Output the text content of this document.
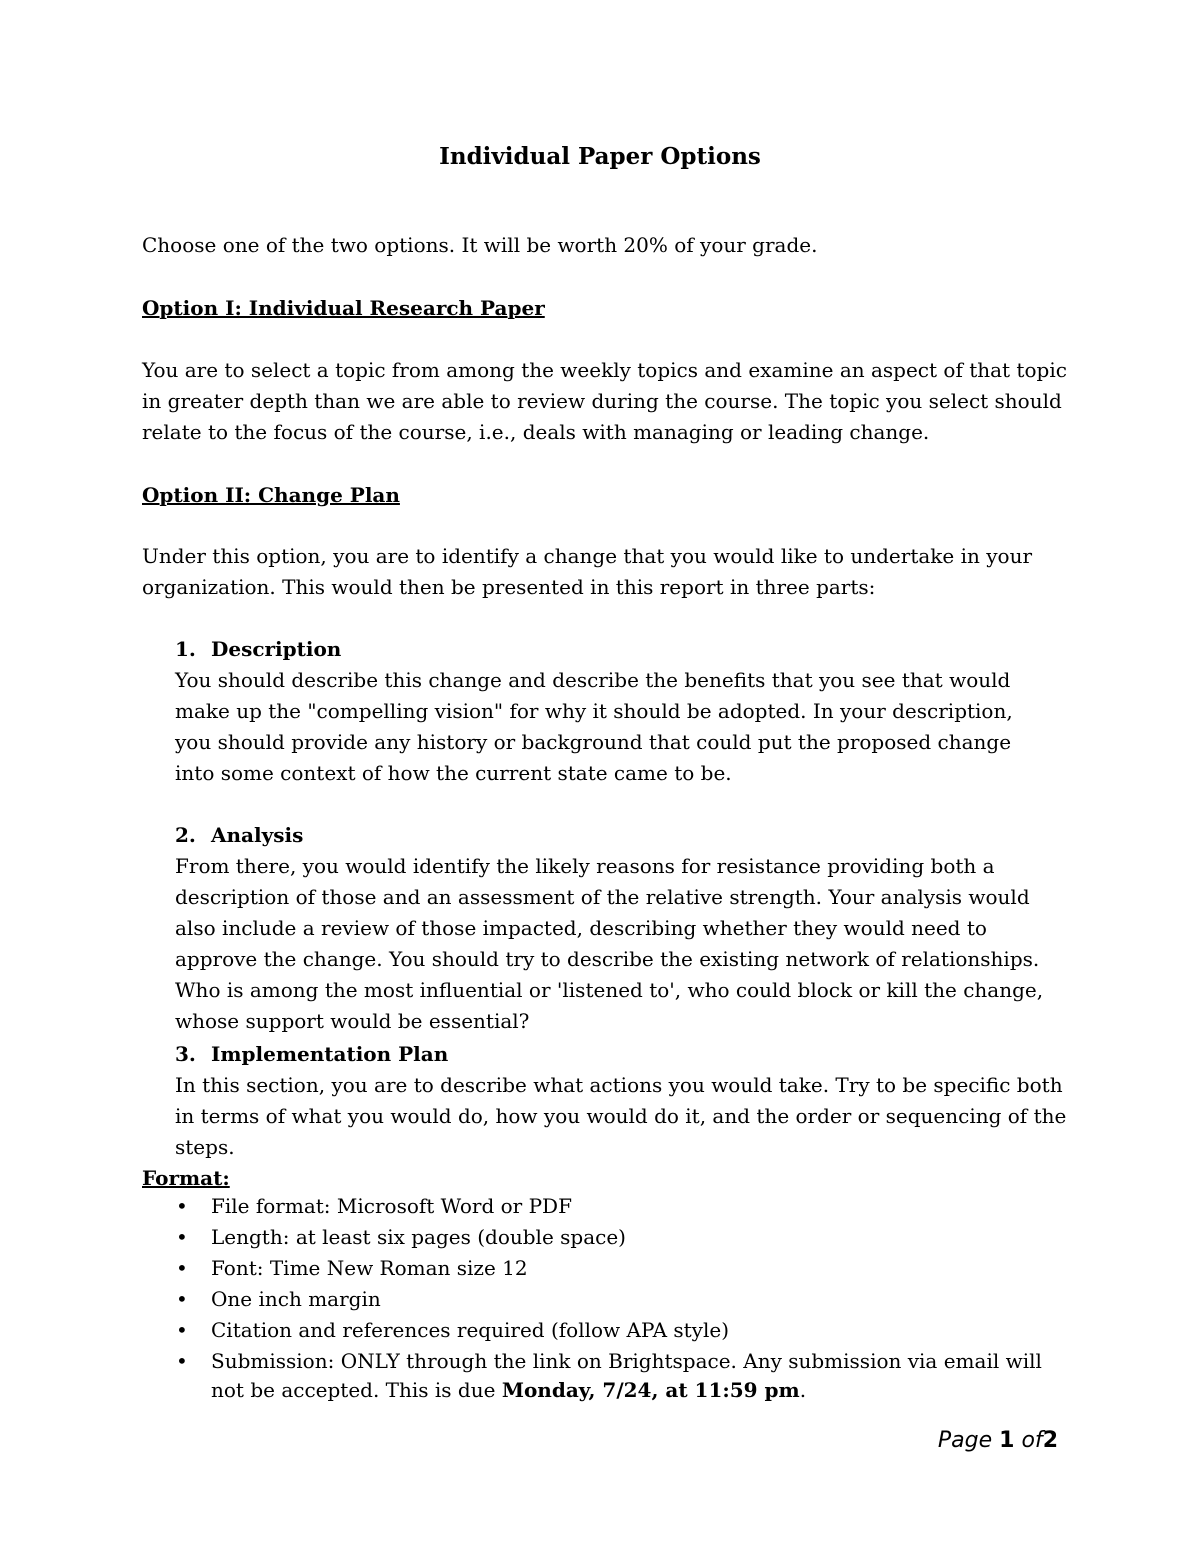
Individual Paper Options
Choose one of the two options. It will be worth 20% of your grade.
Option I: Individual Research Paper
You are to select a topic from among the weekly topics and examine an aspect of that topic in greater depth than we are able to review during the course. The topic you select should relate to the focus of the course, i.e., deals with managing or leading change.
Option II: Change Plan
Under this option, you are to identify a change that you would like to undertake in your organization. This would then be presented in this report in three parts:
1. Description
You should describe this change and describe the benefits that you see that would make up the "compelling vision" for why it should be adopted. In your description, you should provide any history or background that could put the proposed change into some context of how the current state came to be.
2. Analysis
From there, you would identify the likely reasons for resistance providing both a description of those and an assessment of the relative strength. Your analysis would also include a review of those impacted, describing whether they would need to approve the change. You should try to describe the existing network of relationships. Who is among the most influential or 'listened to', who could block or kill the change, whose support would be essential?
3. Implementation Plan
In this section, you are to describe what actions you would take. Try to be specific both in terms of what you would do, how you would do it, and the order or sequencing of the steps.
Format:
• File format: Microsoft Word or PDF
• Length: at least six pages (double space)
• Font: Time New Roman size 12
• One inch margin
• Citation and references required (follow APA style)
• Submission: ONLY through the link on Brightspace. Any submission via email will not be accepted. This is due Monday, 7/24, at 11:59 pm.
Page 1 of2
